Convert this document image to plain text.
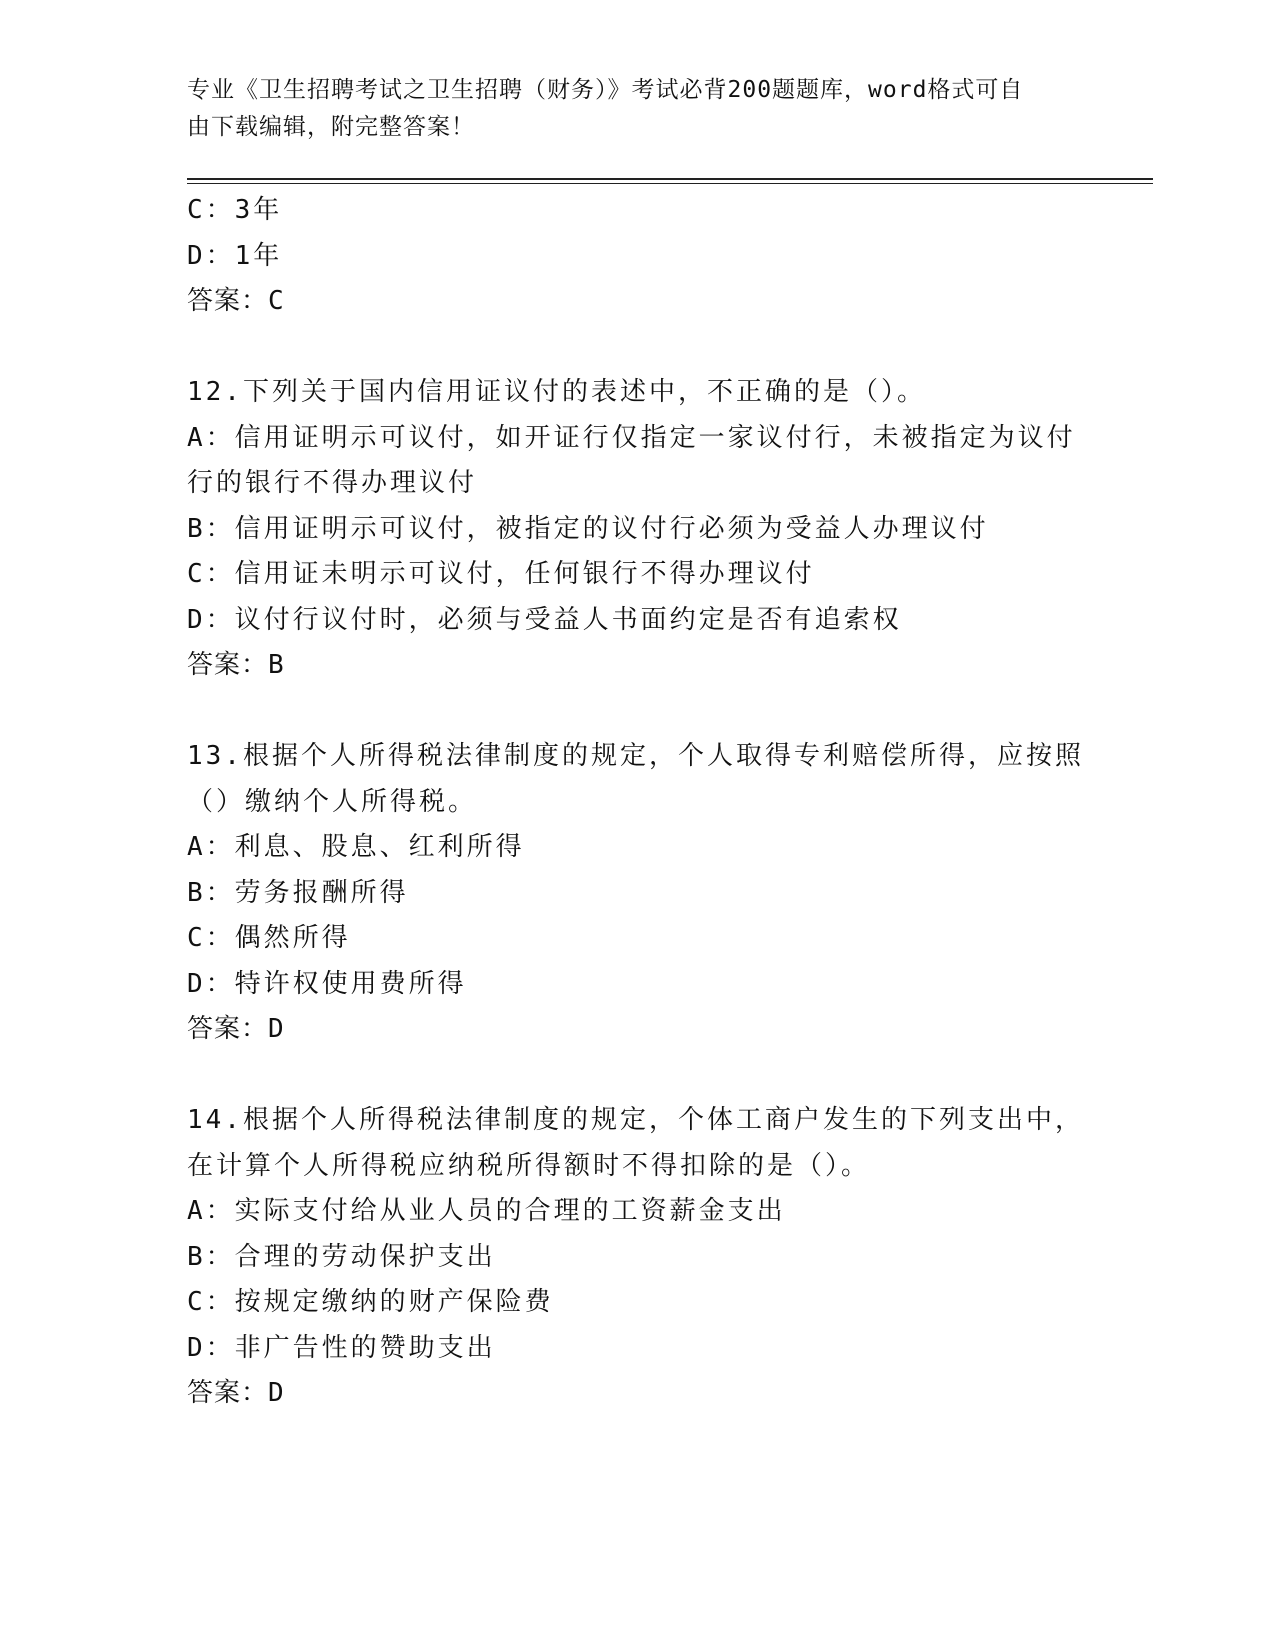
专业《卫生招聘考试之卫生招聘（财务）》考试必背200题题库，word格式可自
由下载编辑，附完整答案！
C：3年
D：1年
答案：C
12.下列关于国内信用证议付的表述中，不正确的是（）。
A：信用证明示可议付，如开证行仅指定一家议付行，未被指定为议付
行的银行不得办理议付
B：信用证明示可议付，被指定的议付行必须为受益人办理议付
C：信用证未明示可议付，任何银行不得办理议付
D：议付行议付时，必须与受益人书面约定是否有追索权
答案：B
13.根据个人所得税法律制度的规定，个人取得专利赔偿所得，应按照
（）缴纳个人所得税。
A：利息、股息、红利所得
B：劳务报酬所得
C：偶然所得
D：特许权使用费所得
答案：D
14.根据个人所得税法律制度的规定，个体工商户发生的下列支出中，
在计算个人所得税应纳税所得额时不得扣除的是（）。
A：实际支付给从业人员的合理的工资薪金支出
B：合理的劳动保护支出
C：按规定缴纳的财产保险费
D：非广告性的赞助支出
答案：D
